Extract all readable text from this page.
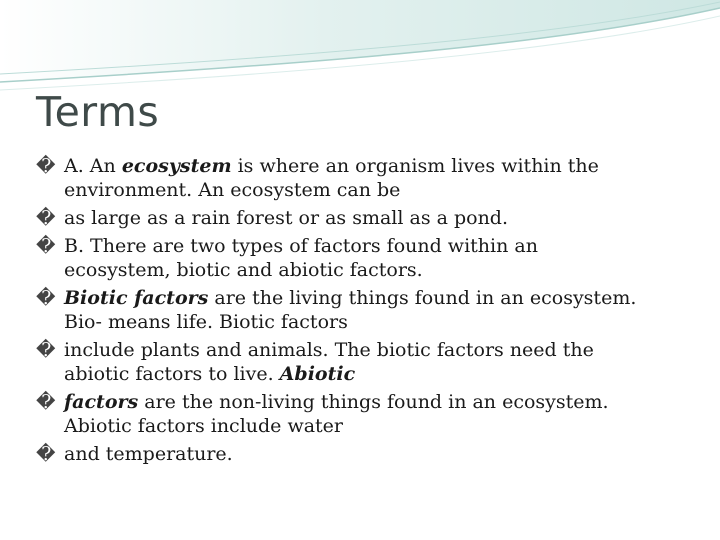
Terms
�
A. An ecosystem is where an organism lives within the
environment. An ecosystem can be
�
as large as a rain forest or as small as a pond.
�
B. There are two types of factors found within an
ecosystem, biotic and abiotic factors.
�
Biotic factors are the living things found in an ecosystem.
Bio- means life. Biotic factors
�
include plants and animals. The biotic factors need the
abiotic factors to live. Abiotic
�
factors are the non-living things found in an ecosystem.
Abiotic factors include water
�
and temperature.
